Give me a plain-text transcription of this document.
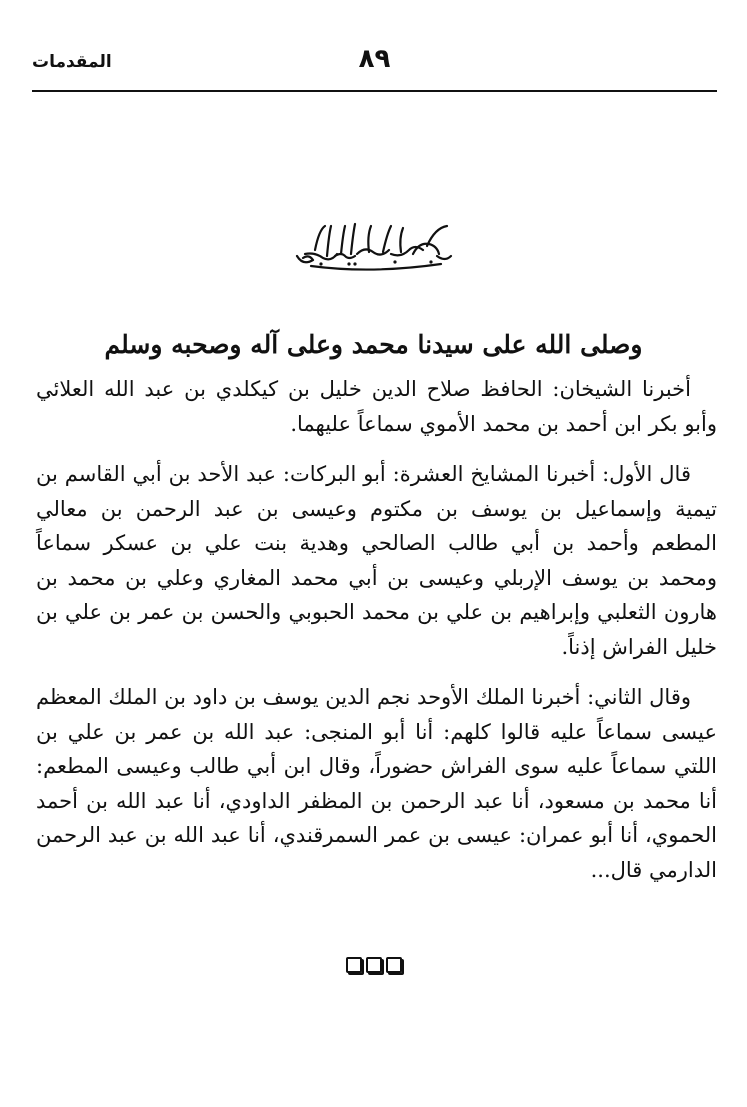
المقدمات	٨٩
وصلى الله على سيدنا محمد وعلى آله وصحبه وسلم

أخبرنا الشيخان: الحافظ صلاح الدين خليل بن كيكلدي بن عبد الله العلائي وأبو بكر ابن أحمد بن محمد الأموي سماعاً عليهما.

قال الأول: أخبرنا المشايخ العشرة: أبو البركات: عبد الأحد بن أبي القاسم بن تيمية وإسماعيل بن يوسف بن مكتوم وعيسى بن عبد الرحمن بن معالي المطعم وأحمد بن أبي طالب الصالحي وهدية بنت علي بن عسكر سماعاً ومحمد بن يوسف الإربلي وعيسى بن أبي محمد المغاري وعلي بن محمد بن هارون الثعلبي وإبراهيم بن علي بن محمد الحبوبي والحسن بن عمر بن علي بن خليل الفراش إذناً.

وقال الثاني: أخبرنا الملك الأوحد نجم الدين يوسف بن داود بن الملك المعظم عيسى سماعاً عليه قالوا كلهم: أنا أبو المنجى: عبد الله بن عمر بن علي بن اللتي سماعاً عليه سوى الفراش حضوراً، وقال ابن أبي طالب وعيسى المطعم: أنا محمد بن مسعود، أنا عبد الرحمن بن المظفر الداودي، أنا عبد الله بن أحمد الحموي، أنا أبو عمران: عيسى بن عمر السمرقندي، أنا عبد الله بن عبد الرحمن الدارمي قال...
